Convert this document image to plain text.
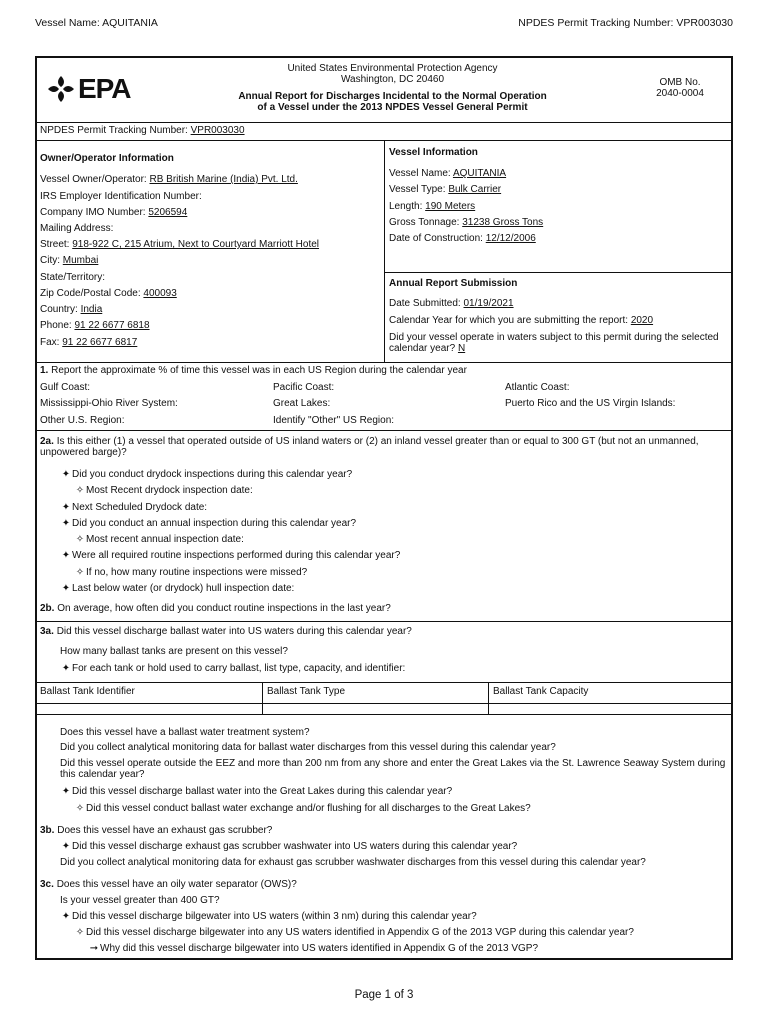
Vessel Name: AQUITANIA	NPDES Permit Tracking Number: VPR003030
EPA
United States Environmental Protection Agency
Washington, DC 20460
Annual Report for Discharges Incidental to the Normal Operation
of a Vessel under the 2013 NPDES Vessel General Permit
OMB No.
2040-0004
NPDES Permit Tracking Number: VPR003030
Owner/Operator Information
Vessel Owner/Operator: RB British Marine (India) Pvt. Ltd.
IRS Employer Identification Number:
Company IMO Number: 5206594
Mailing Address:
Street: 918-922 C, 215 Atrium, Next to Courtyard Marriott Hotel
City: Mumbai
State/Territory:
Zip Code/Postal Code: 400093
Country: India
Phone: 91 22 6677 6818
Fax: 91 22 6677 6817
Vessel Information
Vessel Name: AQUITANIA
Vessel Type: Bulk Carrier
Length: 190 Meters
Gross Tonnage: 31238 Gross Tons
Date of Construction: 12/12/2006
Annual Report Submission
Date Submitted: 01/19/2021
Calendar Year for which you are submitting the report: 2020
Did your vessel operate in waters subject to this permit during the selected calendar year? N
1. Report the approximate % of time this vessel was in each US Region during the calendar year
Gulf Coast:	Pacific Coast:	Atlantic Coast:
Mississippi-Ohio River System:	Great Lakes:	Puerto Rico and the US Virgin Islands:
Other U.S. Region:	Identify "Other" US Region:
2a. Is this either (1) a vessel that operated outside of US inland waters or (2) an inland vessel greater than or equal to 300 GT (but not an unmanned, unpowered barge)?
✦ Did you conduct drydock inspections during this calendar year?
✧ Most Recent drydock inspection date:
✦ Next Scheduled Drydock date:
✦ Did you conduct an annual inspection during this calendar year?
✧ Most recent annual inspection date:
✦ Were all required routine inspections performed during this calendar year?
✧ If no, how many routine inspections were missed?
✦ Last below water (or drydock) hull inspection date:
2b. On average, how often did you conduct routine inspections in the last year?
3a. Did this vessel discharge ballast water into US waters during this calendar year?
How many ballast tanks are present on this vessel?
✦ For each tank or hold used to carry ballast, list type, capacity, and identifier:
Ballast Tank Identifier	Ballast Tank Type	Ballast Tank Capacity
Does this vessel have a ballast water treatment system?
Did you collect analytical monitoring data for ballast water discharges from this vessel during this calendar year?
Did this vessel operate outside the EEZ and more than 200 nm from any shore and enter the Great Lakes via the St. Lawrence Seaway System during this calendar year?
✦ Did this vessel discharge ballast water into the Great Lakes during this calendar year?
✧ Did this vessel conduct ballast water exchange and/or flushing for all discharges to the Great Lakes?
3b. Does this vessel have an exhaust gas scrubber?
✦ Did this vessel discharge exhaust gas scrubber washwater into US waters during this calendar year?
Did you collect analytical monitoring data for exhaust gas scrubber washwater discharges from this vessel during this calendar year?
3c. Does this vessel have an oily water separator (OWS)?
Is your vessel greater than 400 GT?
✦ Did this vessel discharge bilgewater into US waters (within 3 nm) during this calendar year?
✧ Did this vessel discharge bilgewater into any US waters identified in Appendix G of the 2013 VGP during this calendar year?
➞ Why did this vessel discharge bilgewater into US waters identified in Appendix G of the 2013 VGP?
Page 1 of 3
